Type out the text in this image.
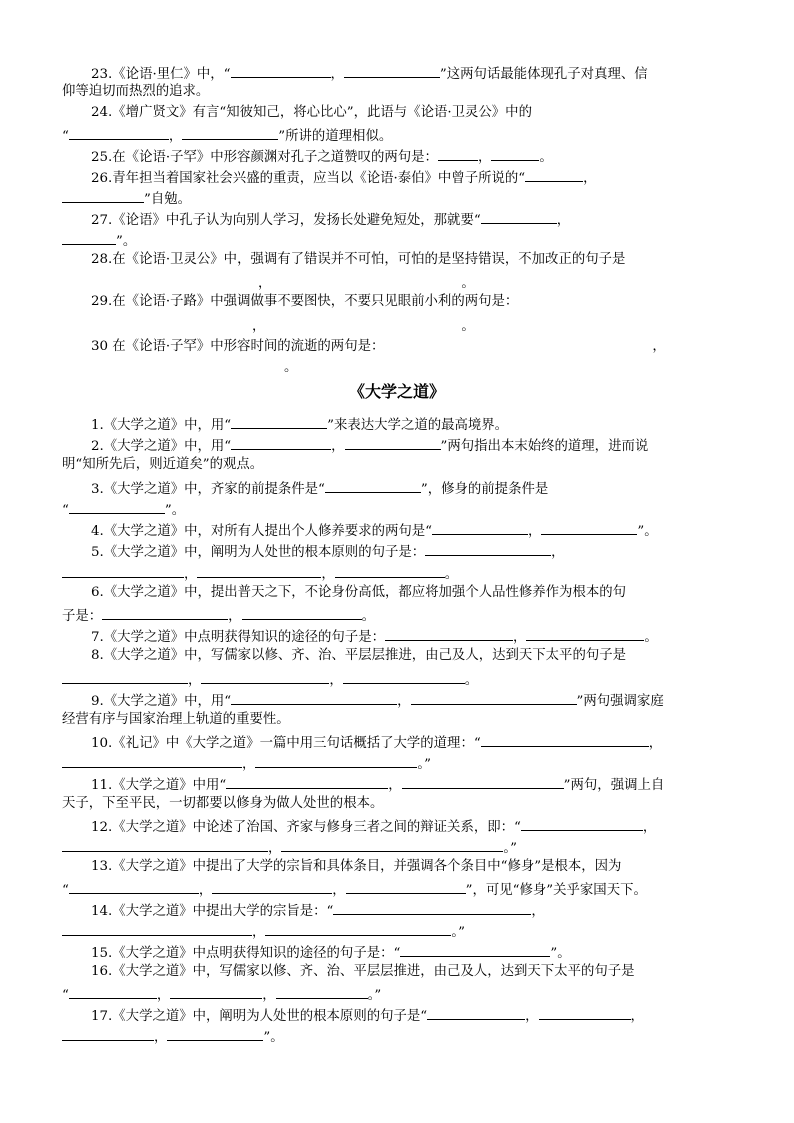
23.《论语·里仁》中，“	，	”这两句话最能体现孔子对真理、信
仰等迫切而热烈的追求。
24.《增广贤文》有言“知彼知己，将心比心”，此语与《论语·卫灵公》中的
“	，	”所讲的道理相似。
25.在《论语·子罕》中形容颜渊对孔子之道赞叹的两句是：	，	。
26.青年担当着国家社会兴盛的重责，应当以《论语·泰伯》中曾子所说的“	，
”自勉。
27.《论语》中孔子认为向别人学习，发扬长处避免短处，那就要“	，
”。
28.在《论语·卫灵公》中，强调有了错误并不可怕，可怕的是坚持错误，不加改正的句子是
，	。
29.在《论语·子路》中强调做事不要图快，不要只见眼前小利的两句是：
，	。
30 在《论语·子罕》中形容时间的流逝的两句是：	，
。
《大学之道》
1.《大学之道》中，用“	”来表达大学之道的最高境界。
2.《大学之道》中，用“	，	”两句指出本末始终的道理，进而说
明“知所先后，则近道矣”的观点。
3.《大学之道》中，齐家的前提条件是“	”，修身的前提条件是
“	”。
4.《大学之道》中，对所有人提出个人修养要求的两句是“	，	”。
5.《大学之道》中，阐明为人处世的根本原则的句子是：	，
，	，	。
6.《大学之道》中，提出普天之下，不论身份高低，都应将加强个人品性修养作为根本的句
子是：	，	。
7.《大学之道》中点明获得知识的途径的句子是：	，	。
8.《大学之道》中，写儒家以修、齐、治、平层层推进，由己及人，达到天下太平的句子是
，	，	。
9.《大学之道》中，用“	，	”两句强调家庭
经营有序与国家治理上轨道的重要性。
10.《礼记》中《大学之道》一篇中用三句话概括了大学的道理：“	，
，	。”
11.《大学之道》中用“	，	”两句，强调上自
天子，下至平民，一切都要以修身为做人处世的根本。
12.《大学之道》中论述了治国、齐家与修身三者之间的辩证关系，即：“	，
，	。”
13.《大学之道》中提出了大学的宗旨和具体条目，并强调各个条目中“修身”是根本，因为
“	，	，	”，可见“修身”关乎家国天下。
14.《大学之道》中提出大学的宗旨是：“	，
，	。”
15.《大学之道》中点明获得知识的途径的句子是：“	”。
16.《大学之道》中，写儒家以修、齐、治、平层层推进，由己及人，达到天下太平的句子是
“	，	，	。”
17.《大学之道》中，阐明为人处世的根本原则的句子是“	，	，
，	”。
